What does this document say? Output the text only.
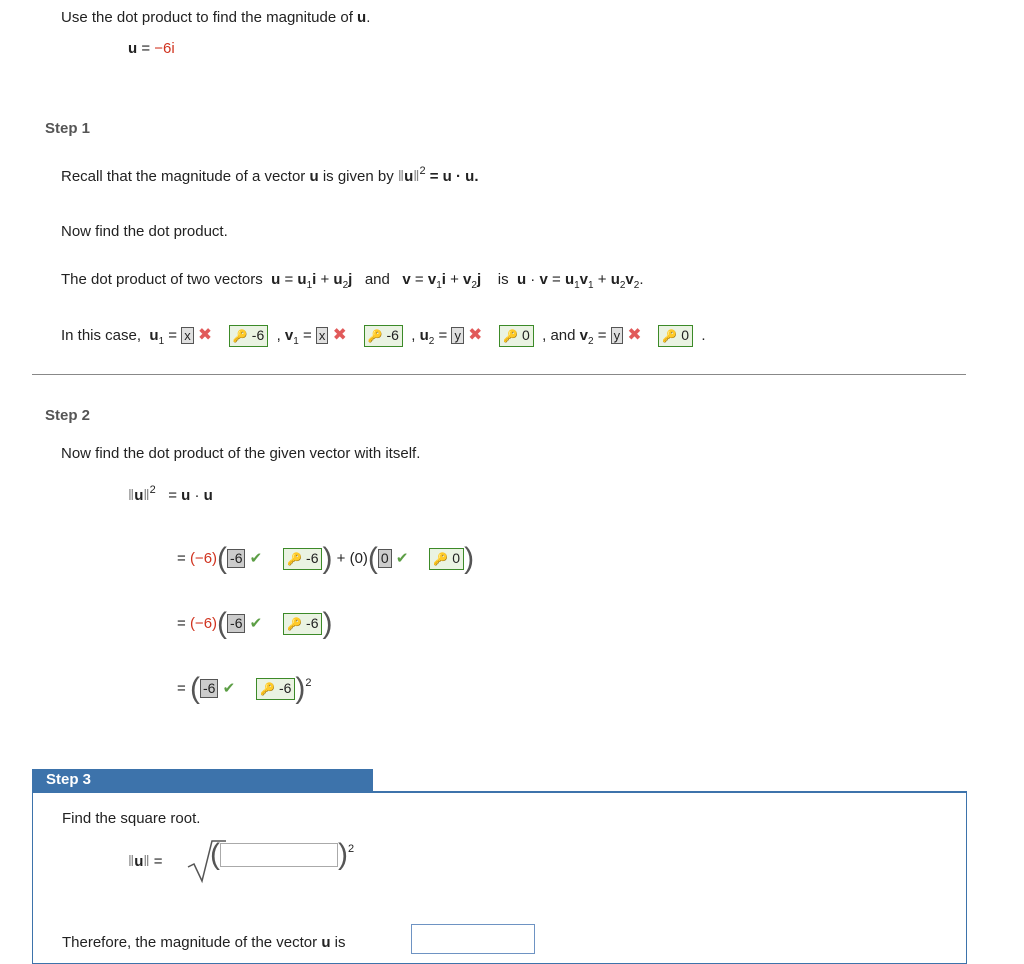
Use the dot product to find the magnitude of u.
u = −6i
Step 1
Recall that the magnitude of a vector u is given by ‖u‖$^2$ = u · u.
Now find the dot product.
The dot product of two vectors $u = u_1i + u_2j$ and $v = v_1i + v_2j$ is $u \cdot v = u_1v_1 + u_2v_2$.
In this case, $u_1 = x$ ✖ 🔑 -6  , $v_1 = x$ ✖ 🔑 -6  , $u_2 = y$ ✖ 🔑 0  , and $v_2 = y$ ✖ 🔑 0  .
Step 2
Now find the dot product of the given vector with itself.
‖u‖$^2$   = u · u
= (−6)( -6 ✔ 🔑 -6 ) + (0)( 0 ✔ 🔑 0 )
= (−6)( -6 ✔ 🔑 -6 )
= ( -6 ✔ 🔑 -6 )$^2$
Step 3
Find the square root.
‖u‖ = (	)$^2$
Therefore, the magnitude of the vector u is
